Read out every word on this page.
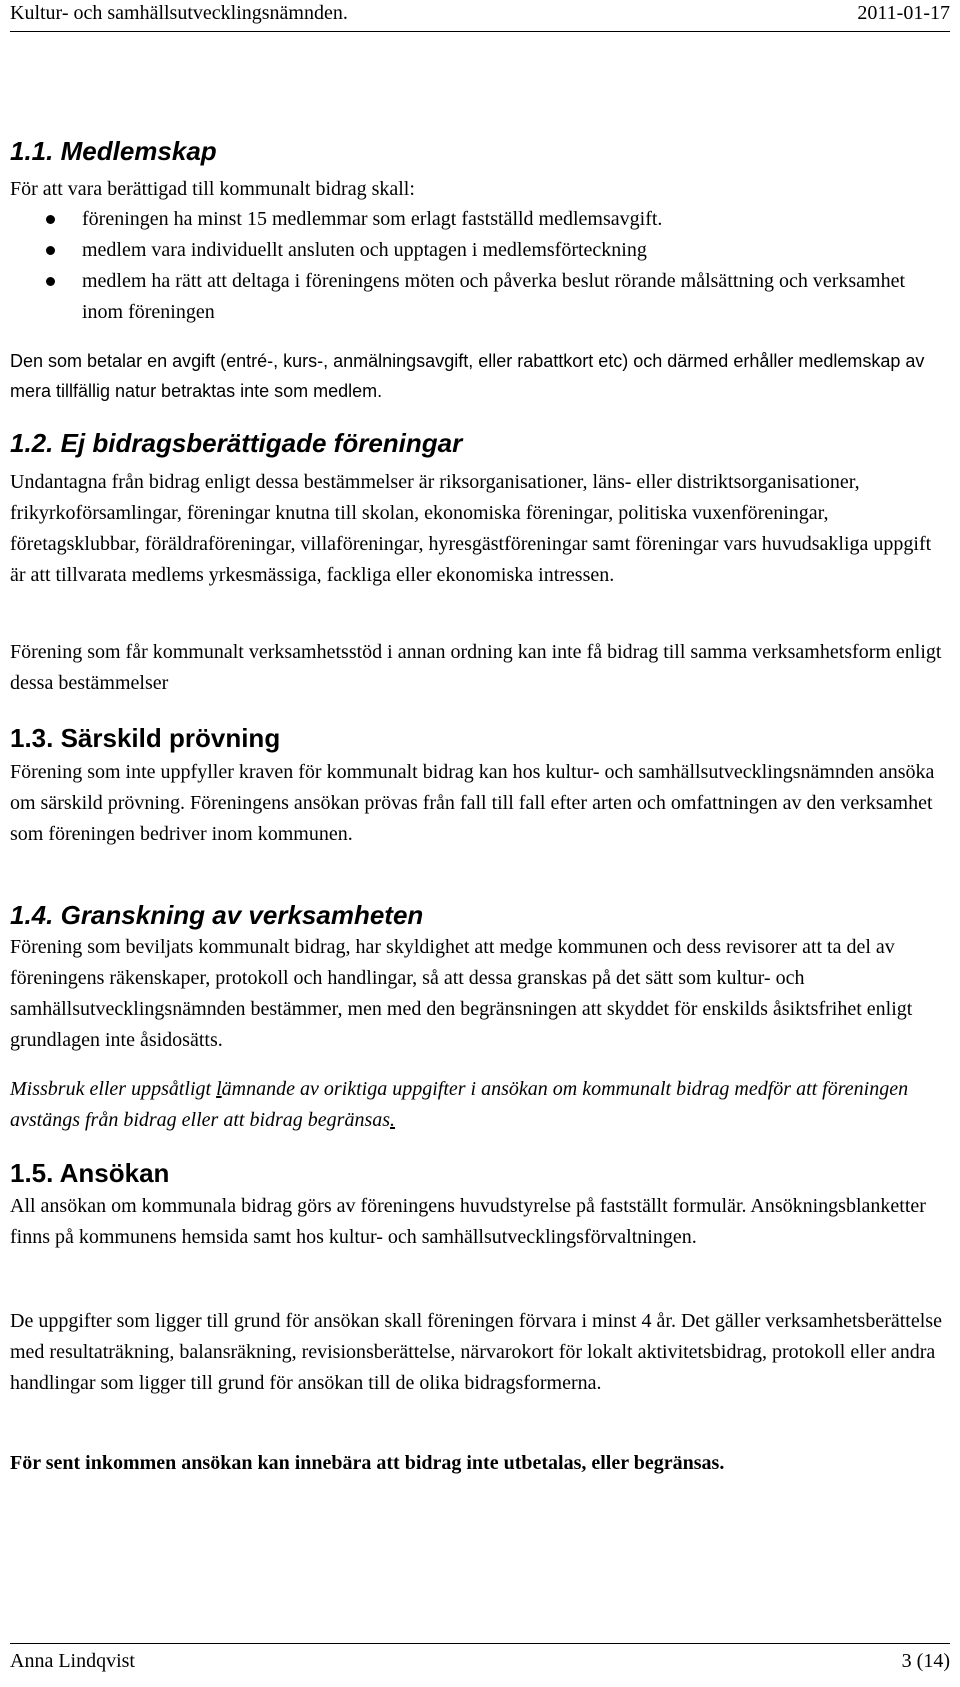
Kultur- och samhällsutvecklingsnämnden.	2011-01-17
1.1. Medlemskap

För att vara berättigad till kommunalt bidrag skall:

föreningen ha minst 15 medlemmar som erlagt fastställd medlemsavgift.
medlem vara individuellt ansluten och upptagen i medlemsförteckning
medlem ha rätt att deltaga i föreningens möten och påverka beslut rörande målsättning och verksamhet inom föreningen

Den som betalar en avgift (entré-, kurs-, anmälningsavgift, eller rabattkort etc) och därmed erhåller medlemskap av mera tillfällig natur betraktas inte som medlem.

1.2. Ej bidragsberättigade föreningar

Undantagna från bidrag enligt dessa bestämmelser är riksorganisationer, läns- eller distriktsorganisationer, frikyrkoförsamlingar, föreningar knutna till skolan, ekonomiska föreningar, politiska vuxenföreningar, företagsklubbar, föräldraföreningar, villaföreningar, hyresgästföreningar samt föreningar vars huvudsakliga uppgift är att tillvarata medlems yrkesmässiga, fackliga eller ekonomiska intressen.

Förening som får kommunalt verksamhetsstöd i annan ordning kan inte få bidrag till samma verksamhetsform enligt dessa bestämmelser

1.3. Särskild prövning

Förening som inte uppfyller kraven för kommunalt bidrag kan hos kultur- och samhällsutvecklingsnämnden ansöka om särskild prövning. Föreningens ansökan prövas från fall till fall efter arten och omfattningen av den verksamhet som föreningen bedriver inom kommunen.

1.4. Granskning av verksamheten

Förening som beviljats kommunalt bidrag, har skyldighet att medge kommunen och dess revisorer att ta del av föreningens räkenskaper, protokoll och handlingar, så att dessa granskas på det sätt som kultur- och samhällsutvecklingsnämnden bestämmer, men med den begränsningen att skyddet för enskilds åsiktsfrihet enligt grundlagen inte åsidosätts.

Missbruk eller uppsåtligt lämnande av oriktiga uppgifter i ansökan om kommunalt bidrag medför att föreningen avstängs från bidrag eller att bidrag begränsas.

1.5. Ansökan

All ansökan om kommunala bidrag görs av föreningens huvudstyrelse på fastställt formulär. Ansökningsblanketter finns på kommunens hemsida samt hos kultur- och samhällsutvecklingsförvaltningen.

De uppgifter som ligger till grund för ansökan skall föreningen förvara i minst 4 år. Det gäller verksamhetsberättelse med resultaträkning, balansräkning, revisionsberättelse, närvarokort för lokalt aktivitetsbidrag, protokoll eller andra handlingar som ligger till grund för ansökan till de olika bidragsformerna.

För sent inkommen ansökan kan innebära att bidrag inte utbetalas, eller begränsas.

Anna Lindqvist	3 (14)
